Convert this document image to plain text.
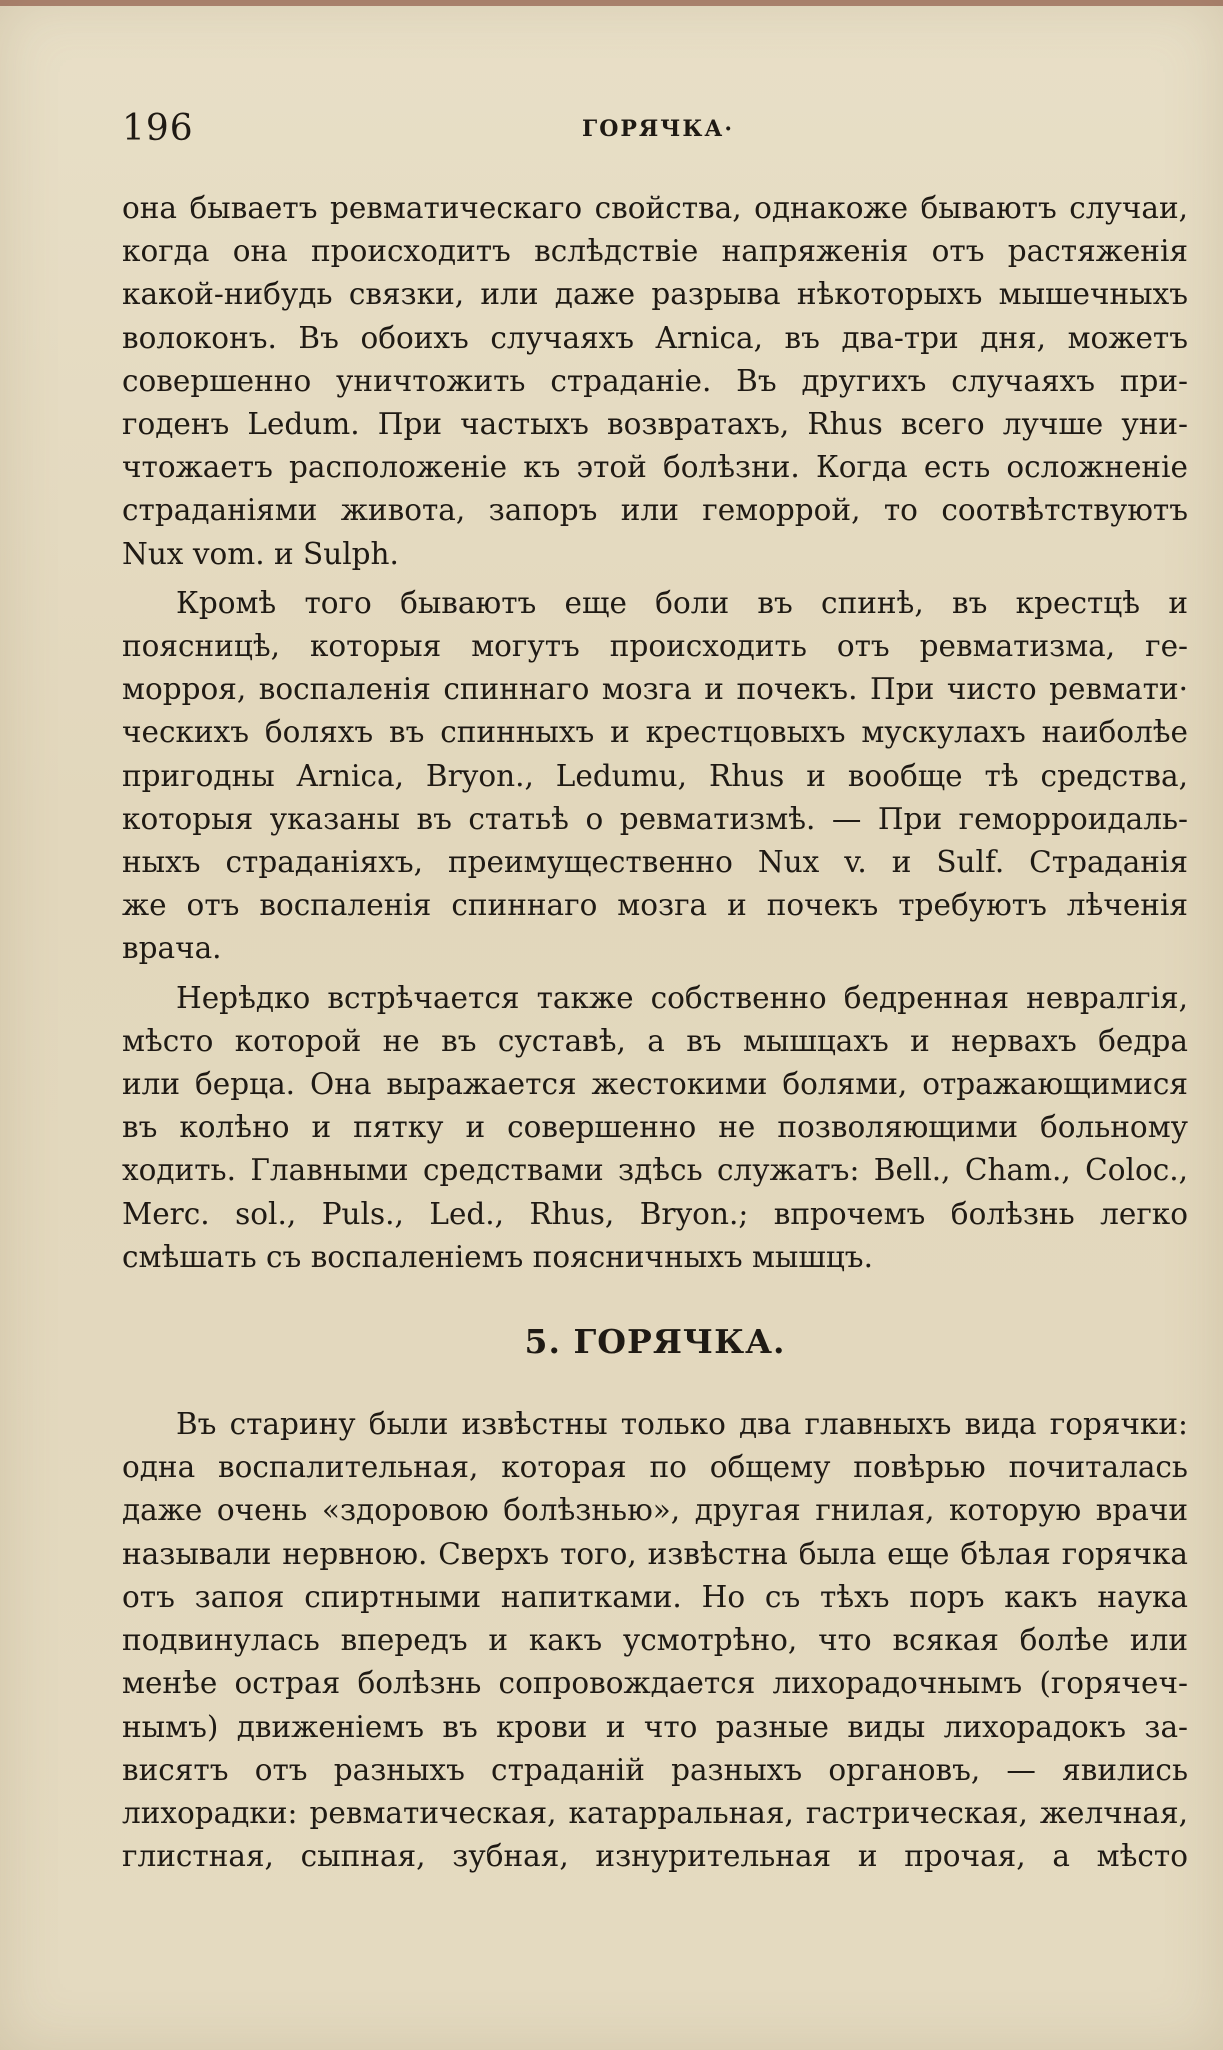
196	ГОРЯЧКА·

она бываетъ ревматическаго свойства, однакоже бываютъ случаи,
когда она происходитъ вслѣдствіе напряженія отъ растяженія
какой-нибудь связки, или даже разрыва нѣкоторыхъ мышечныхъ
волоконъ. Въ обоихъ случаяхъ Arnica, въ два-три дня, можетъ
совершенно уничтожить страданіе. Въ другихъ случаяхъ при-
годенъ Ledum. При частыхъ возвратахъ, Rhus всего лучше уни-
чтожаетъ расположеніе къ этой болѣзни. Когда есть осложненіе
страданіями живота, запоръ или геморрой, то соотвѣтствуютъ
Nux vom. и Sulph.

Кромѣ того бываютъ еще боли въ спинѣ, въ крестцѣ и
поясницѣ, которыя могутъ происходить отъ ревматизма, ге-
морроя, воспаленія спиннаго мозга и почекъ. При чисто ревмати·
ческихъ боляхъ въ спинныхъ и крестцовыхъ мускулахъ наиболѣе
пригодны Arnica, Bryon., Ledumu, Rhus и вообще тѣ средства,
которыя указаны въ статьѣ о ревматизмѣ. — При геморроидаль-
ныхъ страданіяхъ, преимущественно Nux v. и Sulf. Страданія
же отъ воспаленія спиннаго мозга и почекъ требуютъ лѣченія
врача.

Нерѣдко встрѣчается также собственно бедренная невралгія,
мѣсто которой не въ суставѣ, а въ мышцахъ и нервахъ бедра
или берца. Она выражается жестокими болями, отражающимися
въ колѣно и пятку и совершенно не позволяющими больному
ходить. Главными средствами здѣсь служатъ: Bell., Cham., Coloc.,
Merc. sol., Puls., Led., Rhus, Bryon.; впрочемъ болѣзнь легко
смѣшать съ воспаленіемъ поясничныхъ мышцъ.

5. ГОРЯЧКА.

Въ старину были извѣстны только два главныхъ вида горячки:
одна воспалительная, которая по общему повѣрью почиталась
даже очень «здоровою болѣзнью», другая гнилая, которую врачи
называли нервною. Сверхъ того, извѣстна была еще бѣлая горячка
отъ запоя спиртными напитками. Но съ тѣхъ поръ какъ наука
подвинулась впередъ и какъ усмотрѣно, что всякая болѣе или
менѣе острая болѣзнь сопровождается лихорадочнымъ (горячеч-
нымъ) движеніемъ въ крови и что разные виды лихорадокъ за-
висятъ отъ разныхъ страданій разныхъ органовъ, — явились
лихорадки: ревматическая, катарральная, гастрическая, желчная,
глистная, сыпная, зубная, изнурительная и прочая, а мѣсто
